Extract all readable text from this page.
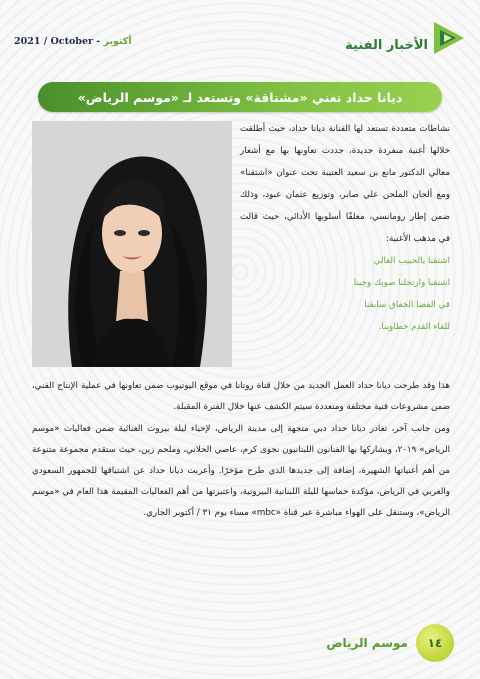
2021 / October - أكتوبر	الأخبار الفنية
ديانا حداد تغني «مشتاقة» وتستعد لـ «موسم الرياض»

نشاطات متعددة تستعد لها الفنانة ديانا حداد، حيث أطلقت خلالها أغنية منفردة جديدة، جددت تعاونها بها مع أشعار معالي الدكتور مانع بن سعيد العتيبة تحت عنوان «اشتقنا» ومع ألحان الملحن علي صابر، وتوزيع عثمان عبود، وذلك ضمن إطار رومانسي، مغلفًا أسلوبها الأدائي، حيث قالت في مذهب الأغنية:

اشتقنا يالحبيب الغالي
اشتقنا وارتحلنا صوبك وجينا
في الفضا الخفاق سابقنا
للقاء القدم خطاوينا.

هذا وقد طرحت ديانا حداد العمل الجديد من خلال قناة روتانا في موقع اليوتيوب ضمن تعاونها في عملية الإنتاج الفني، ضمن مشروعات فنية مختلفة ومتعددة سيتم الكشف عنها خلال الفترة المقبلة.

ومن جانب آخر، تغادر ديانا حداد دبي متجهة إلى مدينة الرياض، لإحياء ليلة بيروت الغنائية ضمن فعاليات «موسم الرياض» ٢٠١٩، ويشاركها بها الفنانون اللبنانيون نجوى كرم، عاصي الحلاني، وملحم زين، حيث ستقدم مجموعة متنوعة من أهم أغنياتها الشهيرة، إضافة إلى جديدها الذي طرح مؤخرًا. وأعربت ديانا حداد عن اشتياقها للجمهور السعودي والعربي في الرياض، مؤكدة حماسها لليلة اللبنانية البيروتية، واعتبرتها من أهم الفعاليات المقيمة هذا العام في «موسم الرياض»، وستنقل على الهواء مباشرة عبر قناة «mbc» مساء يوم ٣١ / أكتوبر الجاري.

١٤
موسم الرياض
